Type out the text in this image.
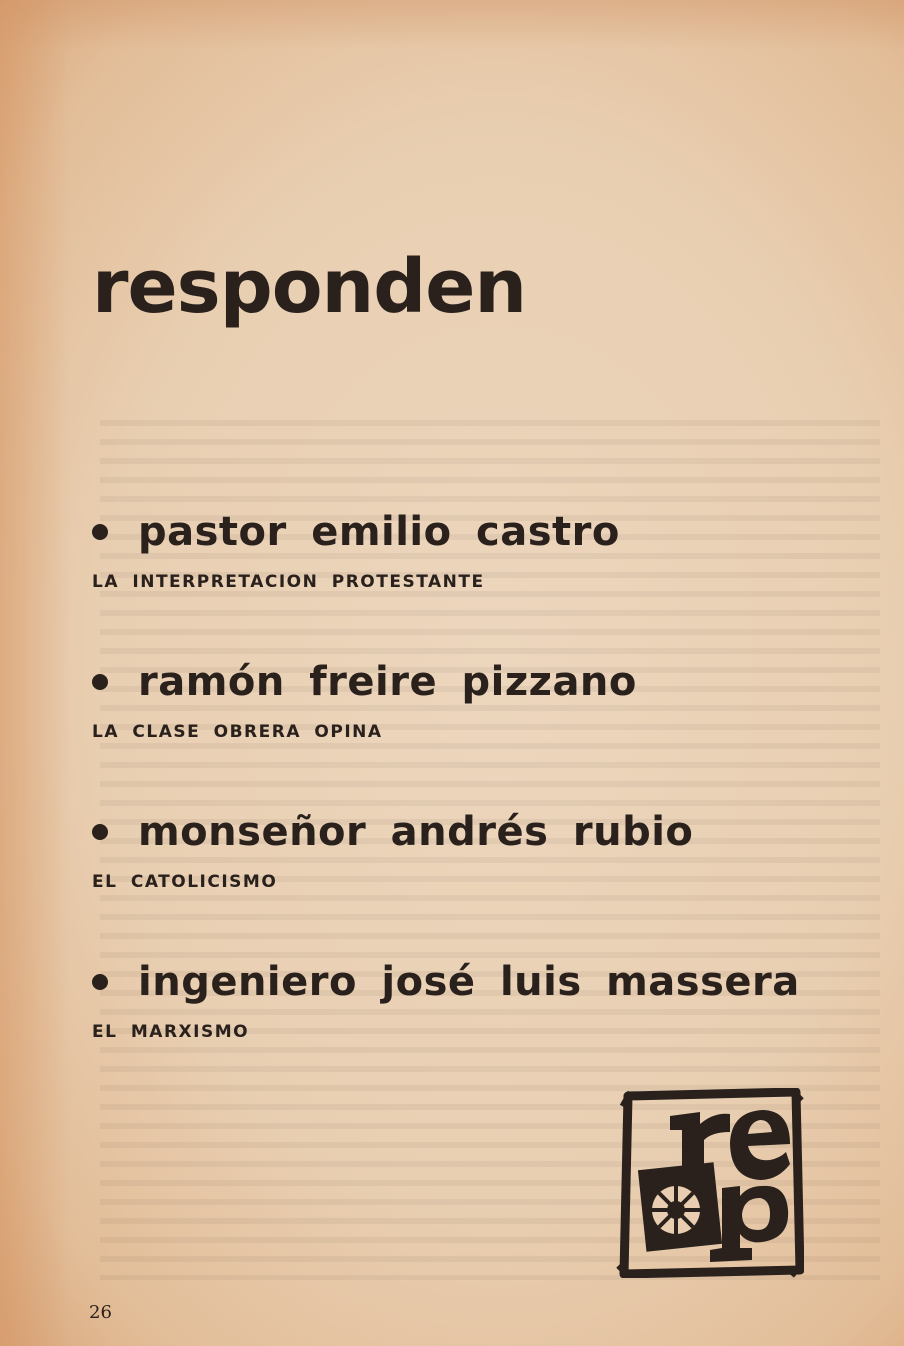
responden
pastor emilio castro
LA INTERPRETACION PROTESTANTE
ramón freire pizzano
LA CLASE OBRERA OPINA
monseñor andrés rubio
EL CATOLICISMO
ingeniero josé luis massera
EL MARXISMO
26
